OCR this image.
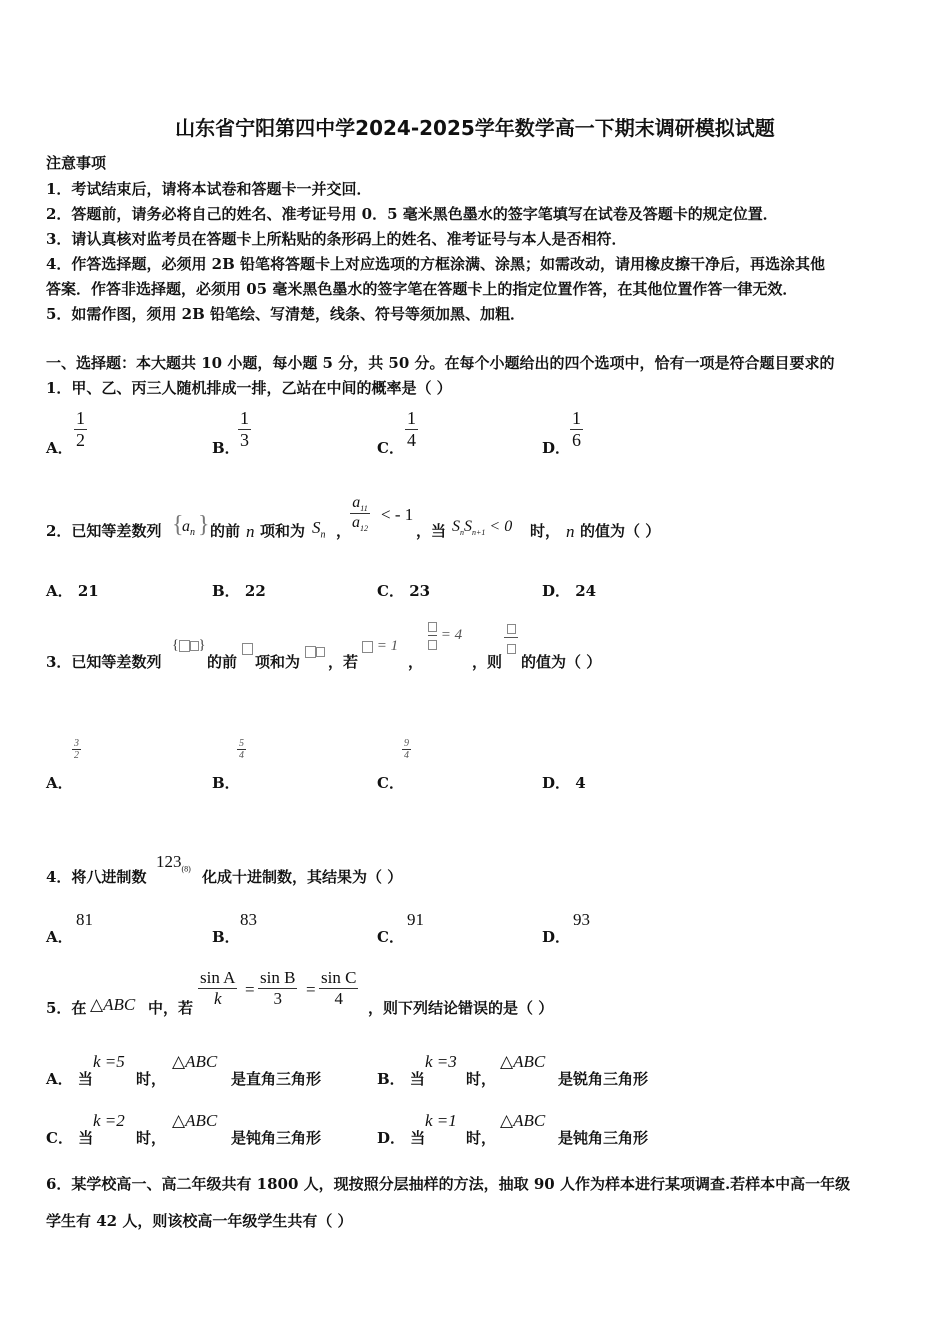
山东省宁阳第四中学2024-2025学年数学高一下期末调研模拟试题
注意事项
1．考试结束后，请将本试卷和答题卡一并交回．
2．答题前，请务必将自己的姓名、准考证号用 0．5 毫米黑色墨水的签字笔填写在试卷及答题卡的规定位置．
3．请认真核对监考员在答题卡上所粘贴的条形码上的姓名、准考证号与本人是否相符．
4．作答选择题，必须用 2B 铅笔将答题卡上对应选项的方框涂满、涂黑；如需改动，请用橡皮擦干净后，再选涂其他
答案．作答非选择题，必须用 05 毫米黑色墨水的签字笔在答题卡上的指定位置作答，在其他位置作答一律无效．
5．如需作图，须用 2B 铅笔绘、写清楚，线条、符号等须加黑、加粗．
一、选择题：本大题共 10 小题，每小题 5 分，共 50 分。在每个小题给出的四个选项中，恰有一项是符合题目要求的
1．甲、乙、丙三人随机排成一排，乙站在中间的概率是（ ）
A． $\frac{1}{2}$	B．
$\frac{1}{3}$	C． $\frac{1}{4}$	D． $\frac{1}{6}$
2．已知等差数列 {
$a_n$ } 的前 n 项和为 $S_n$ ，
$\frac{a_{11}}{a_{12}}$ < - 1
，当 $S_nS_{n+1} < 0$ 时， n 的值为（ ）
A． 21	B． 22	C． 23	D． 24
3．已知等差数列
{ }
的前 项和为 ，若
= 1
，

= 4
，则 的值为（ ）
A．
$\frac{3}{2}$
B．
$\frac{5}{4}$
C．
$\frac{9}{4}$
D． 4
4．将八进制数
$123_{(8)}$ 化成十进制数，其结果为（ ）
A．
81
B．
83
C．
91
D．
93
5．在 △ABC 中，若 $\frac{\text{sin A}}{k} = \frac{\text{sin B}}{3} = \frac{\text{sin C}}{4}$ ，则下列结论错误的是（ ）
A． 当
k =5
时，
△ABC
是直角三角形	B． 当
k =3
时，
△ABC
是锐角三角形
C． 当
k =2
时，
△ABC
是钝角三角形	D． 当
k =1
时，
△ABC
是钝角三角形
6．某学校高一、高二年级共有 1800 人，现按照分层抽样的方法，抽取 90 人作为样本进行某项调查.若样本中高一年级
学生有 42 人，则该校高一年级学生共有（ ）
